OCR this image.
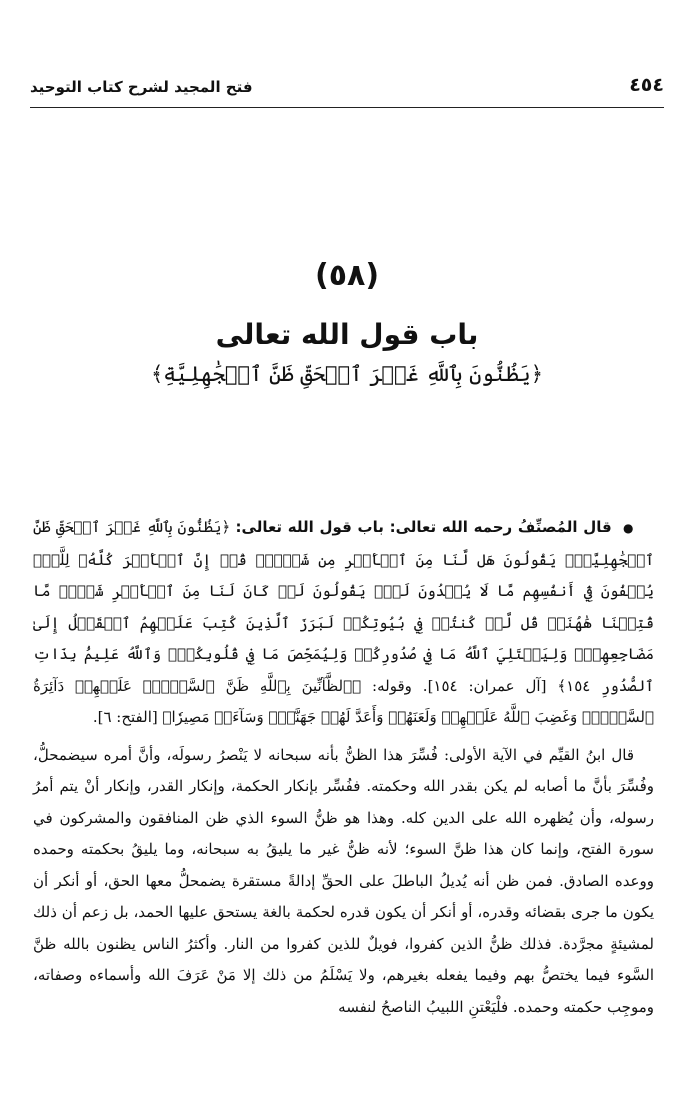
٤٥٤
فتح المجيد لشرح كتاب التوحيد
(٥٨)
باب قول الله تعالى
﴿يَظُنُّونَ بِٱللَّهِ غَيۡرَ ٱلۡحَقِّ ظَنَّ ٱلۡجَٰهِلِيَّةِ﴾

● قال المُصنِّفُ رحمه الله تعالى: باب قول الله تعالى: ﴿يَظُنُّونَ بِٱللَّهِ غَيۡرَ ٱلۡحَقِّ ظَنَّ ٱلۡجَٰهِلِيَّةِۖ يَقُولُونَ هَل لَّنَا مِنَ ٱلۡأَمۡرِ مِن شَيۡءٖۗ قُلۡ إِنَّ ٱلۡأَمۡرَ كُلَّهُۥ لِلَّهِۗ يُخۡفُونَ فِيٓ أَنفُسِهِم مَّا لَا يُبۡدُونَ لَكَۖ يَقُولُونَ لَوۡ كَانَ لَنَا مِنَ ٱلۡأَمۡرِ شَيۡءٞ مَّا قُتِلۡنَا هَٰهُنَاۗ قُل لَّوۡ كُنتُمۡ فِي بُيُوتِكُمۡ لَبَرَزَ ٱلَّذِينَ كُتِبَ عَلَيۡهِمُ ٱلۡقَتۡلُ إِلَىٰ مَضَاجِعِهِمۡۖ وَلِيَبۡتَلِيَ ٱللَّهُ مَا فِي صُدُورِكُمۡ وَلِيُمَحِّصَ مَا فِي قُلُوبِكُمۡۚ وَٱللَّهُ عَلِيمُۢ بِذَاتِ ٱلصُّدُورِ ١٥٤﴾ [آل عمران: ١٥٤]. وقوله: ﴿ٱلظَّآنِّينَ بِٱللَّهِ ظَنَّ ٱلسَّوۡءِۚ عَلَيۡهِمۡ دَآئِرَةُ ٱلسَّوۡءِۖ وَغَضِبَ ٱللَّهُ عَلَيۡهِمۡ وَلَعَنَهُمۡ وَأَعَدَّ لَهُمۡ جَهَنَّمَۖ وَسَآءَتۡ مَصِيرٗا﴾ [الفتح: ٦].

قال ابنُ القيِّم في الآية الأولى: فُسِّرَ هذا الظنُّ بأنه سبحانه لا يَنْصرُ رسولَه، وأنَّ أمره سيضمحلُّ، وفُسِّرَ بأنَّ ما أصابه لم يكن بقدر الله وحكمته. ففُسِّر بإنكار الحكمة، وإنكار القدر، وإنكار أنْ يتم أمرُ رسوله، وأن يُظهره الله على الدين كله. وهذا هو ظنُّ السوء الذي ظن المنافقون والمشركون في سورة الفتح، وإنما كان هذا ظنَّ السوء؛ لأنه ظنُّ غير ما يليقُ به سبحانه، وما يليقُ بحكمته وحمده ووعده الصادق. فمن ظن أنه يُديلُ الباطلَ على الحقِّ إدالةً مستقرة يضمحلُّ معها الحق، أو أنكر أن يكون ما جرى بقضائه وقدره، أو أنكر أن يكون قدره لحكمة بالغة يستحق عليها الحمد، بل زعم أن ذلك لمشيئةٍ مجرَّدة. فذلك ظنُّ الذين كفروا، فويلٌ للذين كفروا من النار. وأكثرُ الناس يظنون بالله ظنَّ السَّوء فيما يختصُّ بهم وفيما يفعله بغيرهم، ولا يَسْلَمُ من ذلك إلا مَنْ عَرَفَ الله وأسماءه وصفاته، وموجِب حكمته وحمده. فلْيَعْتنِ اللبيبُ الناصحُ لنفسه
